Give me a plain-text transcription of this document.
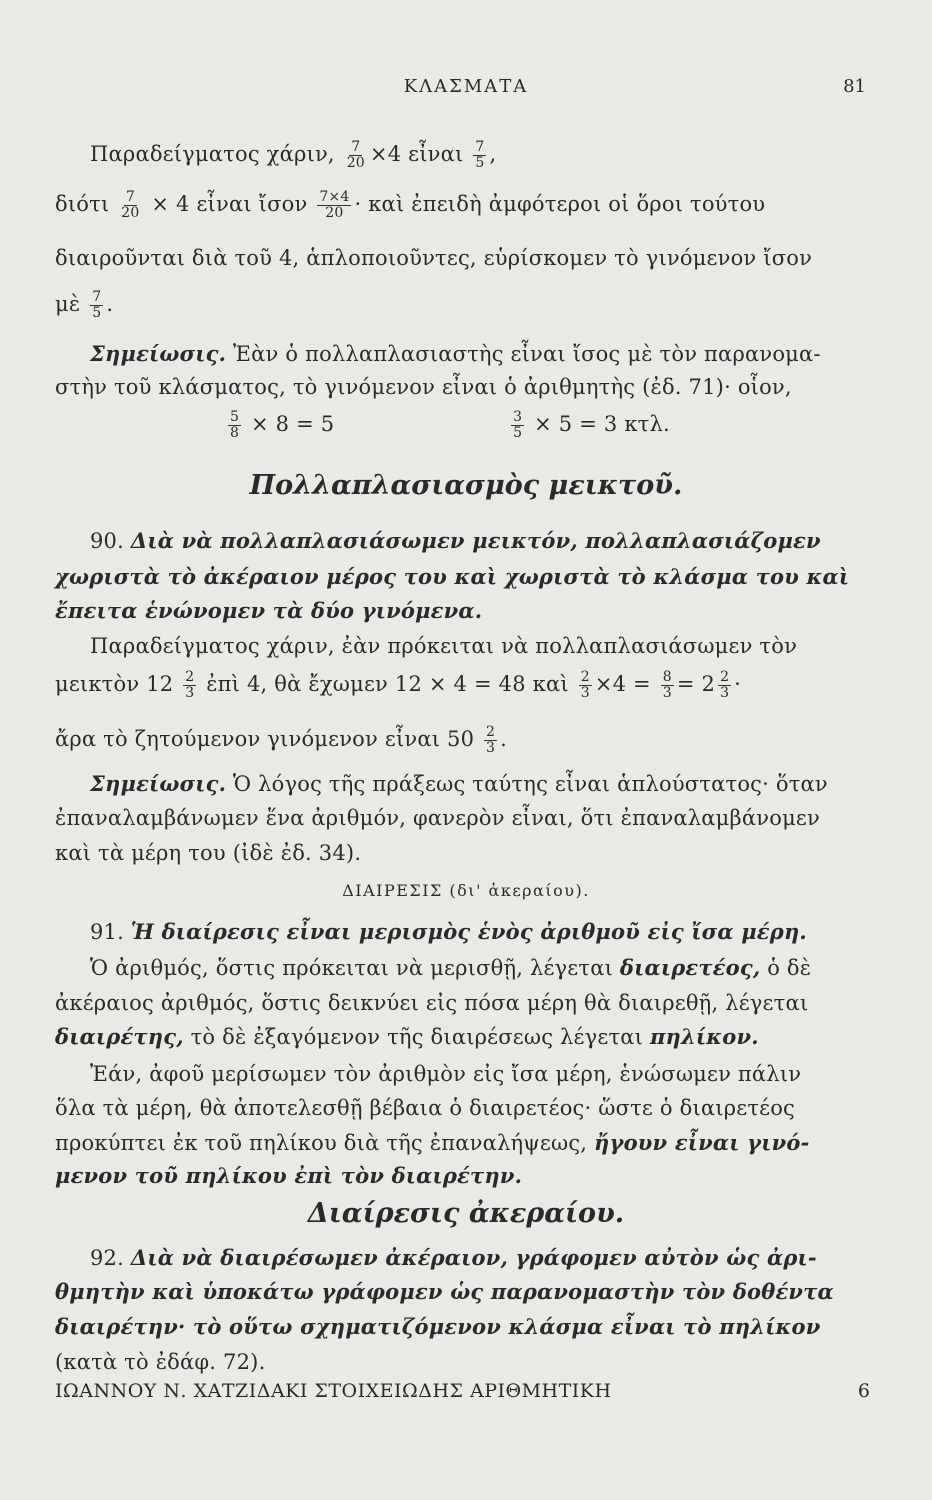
ΚΛΑΣΜΑΤΑ	81
Παραδείγματος χάριν, $\frac{7}{20} \times 4$ εἶναι $\frac{7}{5}$ ,
διότι $\frac{7}{20} \times 4$ εἶναι ἴσον $\frac{7\times 4}{20}$ · καὶ ἐπειδὴ ἀμφότεροι οἱ ὅροι τούτου
διαιροῦνται διὰ τοῦ 4, ἁπλοποιοῦντες, εὑρίσκομεν τὸ γινόμενον ἴσον
μὲ $\frac{7}{5}$ .
Σημείωσις. Ἐὰν ὁ πολλαπλασιαστὴς εἶναι ἴσος μὲ τὸν παρανομα-
στὴν τοῦ κλάσματος, τὸ γινόμενον εἶναι ὁ ἀριθμητὴς (ἐδ. 71)· οἷον,
$\frac{5}{8} \times 8 = 5$	$\frac{3}{5} \times 5 = 3$ κτλ.
Πολλαπλασιασμὸς μεικτοῦ.
90. Διὰ νὰ πολλαπλασιάσωμεν μεικτόν, πολλαπλασιάζομεν
χωριστὰ τὸ ἀκέραιον μέρος του καὶ χωριστὰ τὸ κλάσμα του καὶ
ἔπειτα ἑνώνομεν τὰ δύο γινόμενα.
Παραδείγματος χάριν, ἐὰν πρόκειται νὰ πολλαπλασιάσωμεν τὸν
μεικτὸν $12 \frac{2}{3}$ ἐπὶ 4, θὰ ἔχωμεν 12 × 4 = 48 καὶ $\frac{2}{3} \times 4 = \frac{8}{3} = 2 \frac{2}{3}$ ·
ἄρα τὸ ζητούμενον γινόμενον εἶναι $50 \frac{2}{3}$ .
Σημείωσις. Ὁ λόγος τῆς πράξεως ταύτης εἶναι ἁπλούστατος· ὅταν
ἐπαναλαμβάνωμεν ἕνα ἀριθμόν, φανερὸν εἶναι, ὅτι ἐπαναλαμβάνομεν
καὶ τὰ μέρη του (ἰδὲ ἐδ. 34).
ΔΙΑΙΡΕΣΙΣ (δι' ἀκεραίου).
91. Ἡ διαίρεσις εἶναι μερισμὸς ἑνὸς ἀριθμοῦ εἰς ἴσα μέρη.
Ὁ ἀριθμός, ὅστις πρόκειται νὰ μερισθῇ, λέγεται διαιρετέος, ὁ δὲ
ἀκέραιος ἀριθμός, ὅστις δεικνύει εἰς πόσα μέρη θὰ διαιρεθῇ, λέγεται
διαιρέτης, τὸ δὲ ἐξαγόμενον τῆς διαιρέσεως λέγεται πηλίκον.
Ἐάν, ἀφοῦ μερίσωμεν τὸν ἀριθμὸν εἰς ἴσα μέρη, ἑνώσωμεν πάλιν
ὅλα τὰ μέρη, θὰ ἀποτελεσθῇ βέβαια ὁ διαιρετέος· ὥστε ὁ διαιρετέος
προκύπτει ἐκ τοῦ πηλίκου διὰ τῆς ἐπαναλήψεως, ἤγουν εἶναι γινό-
μενον τοῦ πηλίκου ἐπὶ τὸν διαιρέτην.
Διαίρεσις ἀκεραίου.
92. Διὰ νὰ διαιρέσωμεν ἀκέραιον, γράφομεν αὐτὸν ὡς ἀρι-
θμητὴν καὶ ὑποκάτω γράφομεν ὡς παρανομαστὴν τὸν δοθέντα
διαιρέτην· τὸ οὕτω σχηματιζόμενον κλάσμα εἶναι τὸ πηλίκον
(κατὰ τὸ ἐδάφ. 72).
ΙΩΑΝΝΟΥ Ν. ΧΑΤΖΙΔΑΚΙ ΣΤΟΙΧΕΙΩΔΗΣ ΑΡΙΘΜΗΤΙΚΗ	6
